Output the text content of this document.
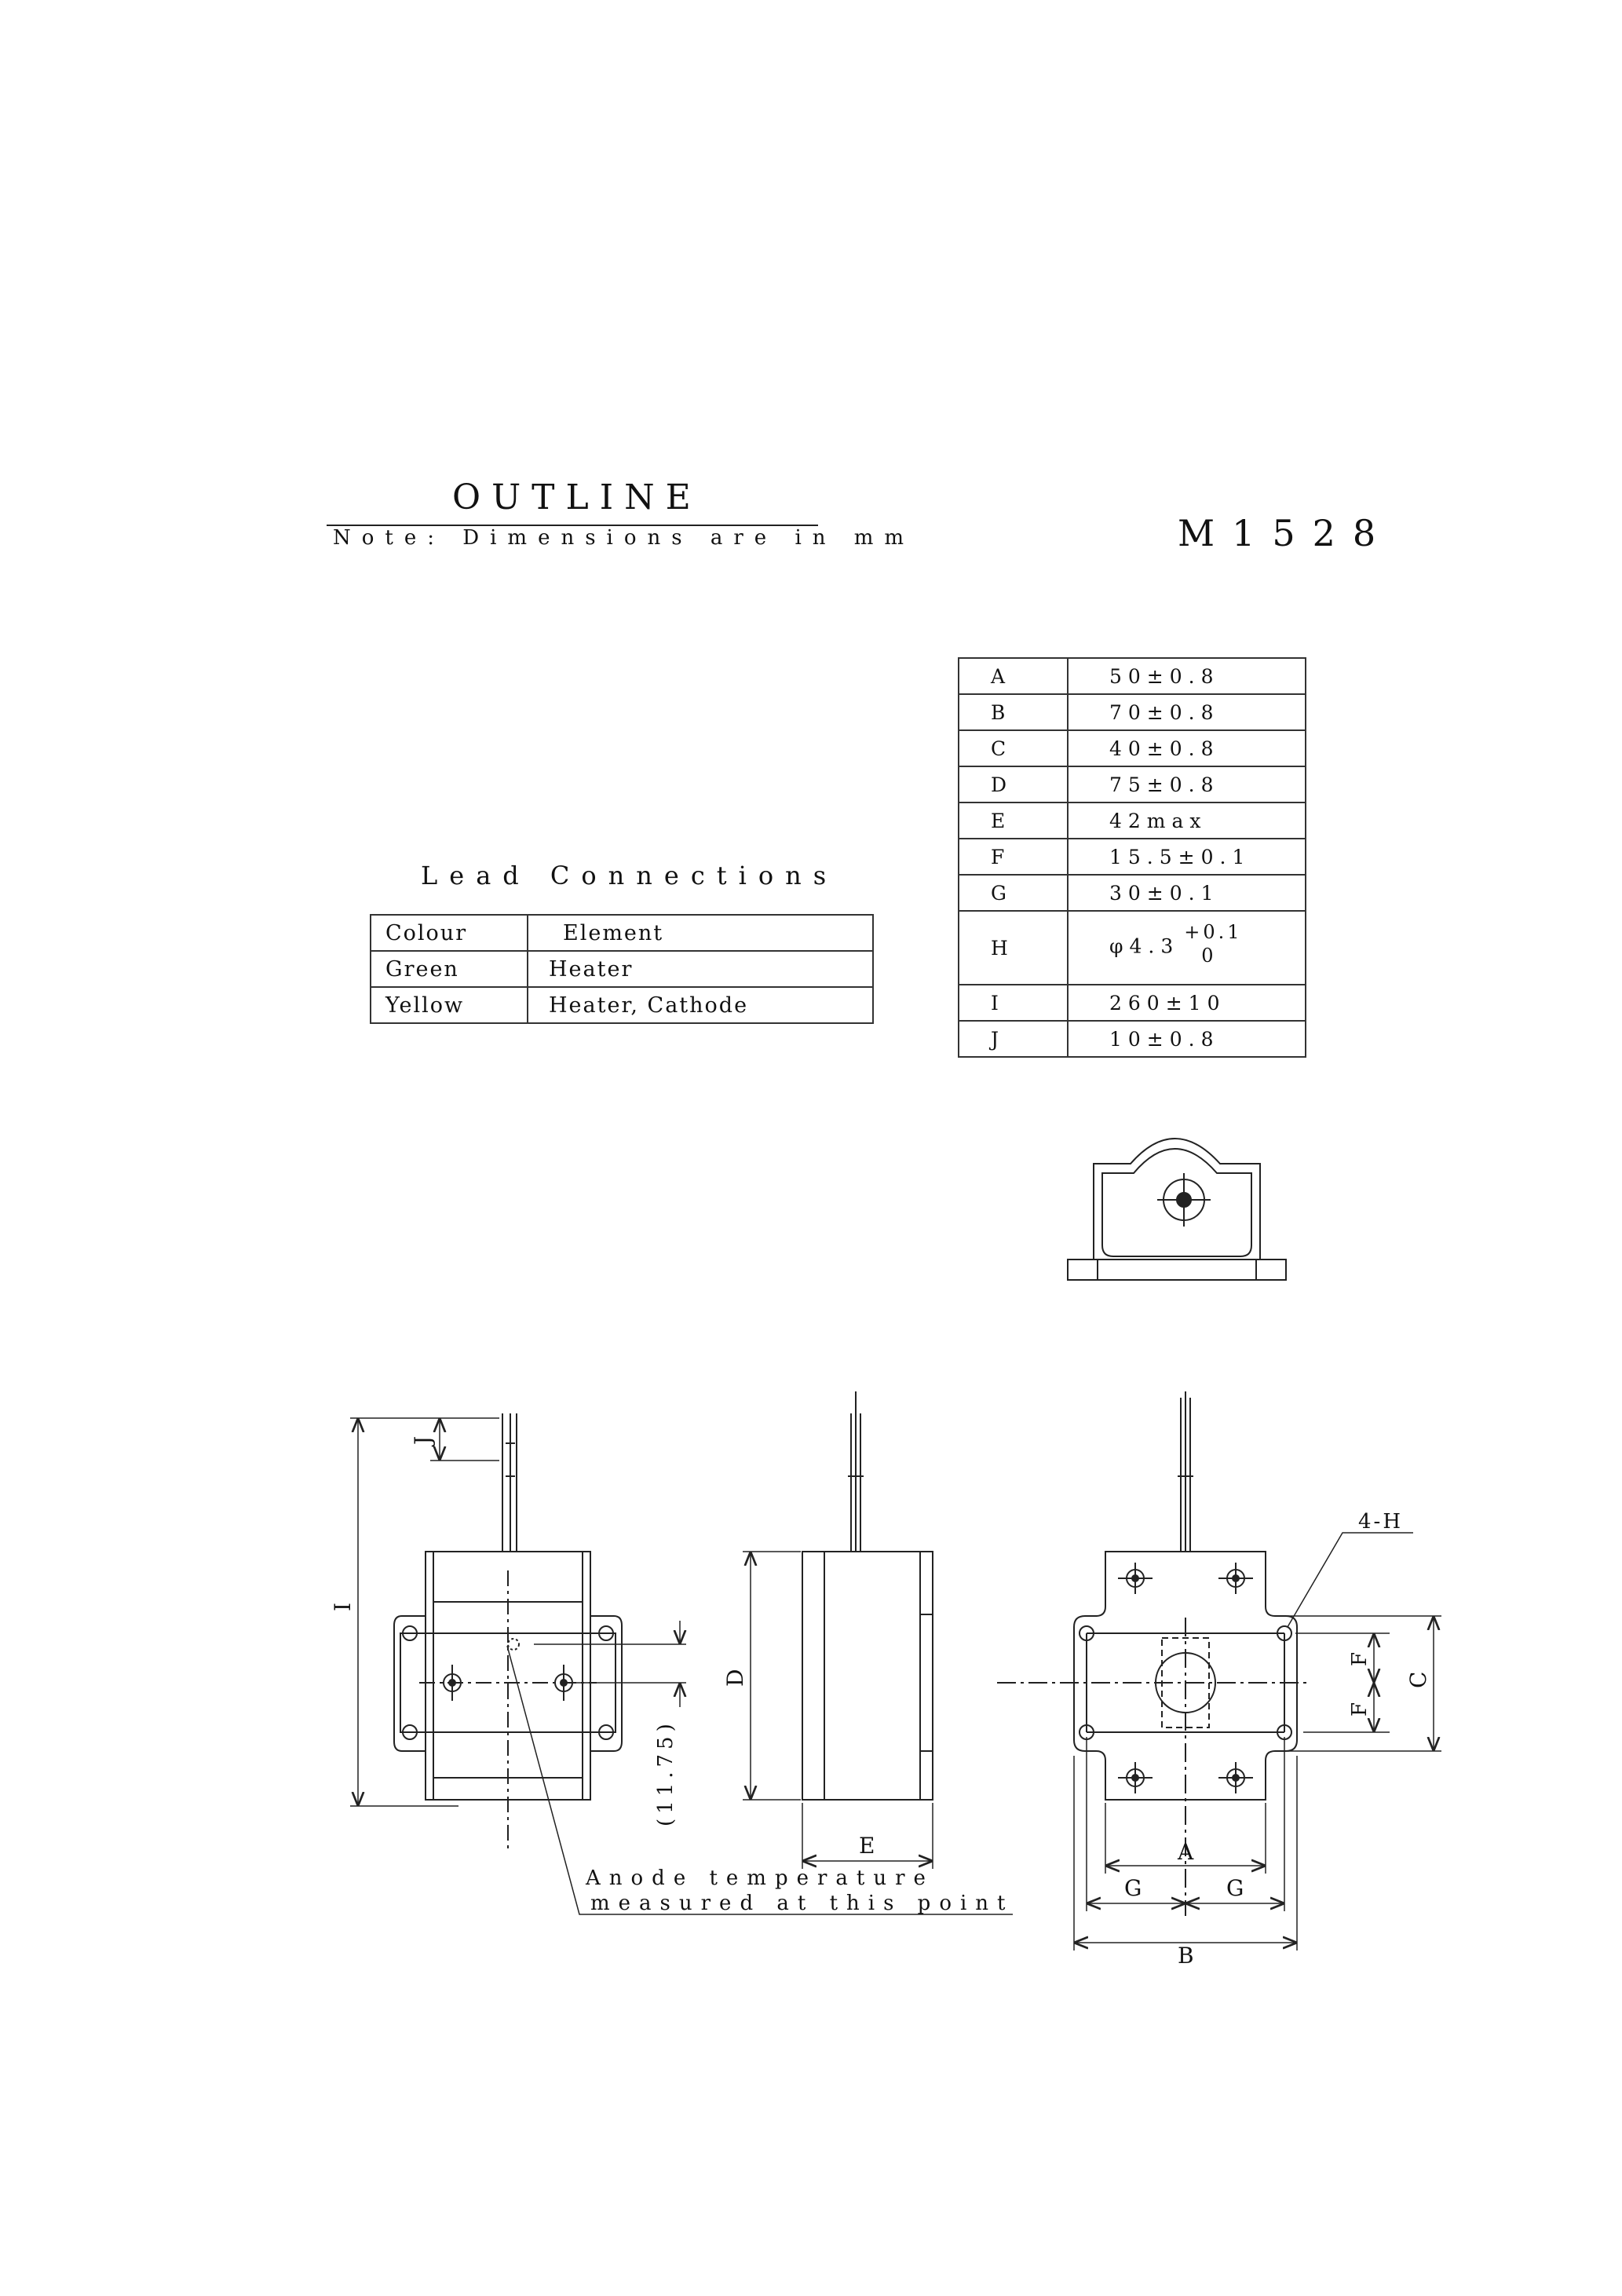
OUTLINE
Note: Dimensions are in mm	M1528
Lead Connections
Colour	Element
Green	Heater
Yellow	Heater, Cathode
A	50±0.8
B	70±0.8
C	40±0.8
D	75±0.8
E	42max
F	15.5±0.1
G	30±0.1
H	φ4.3
+0.1
0

I	260±10
J	10±0.8
I
J
(11.75)
D
E
C
F
F
4-H
A
G	G
B
Anode temperature
measured at this point
